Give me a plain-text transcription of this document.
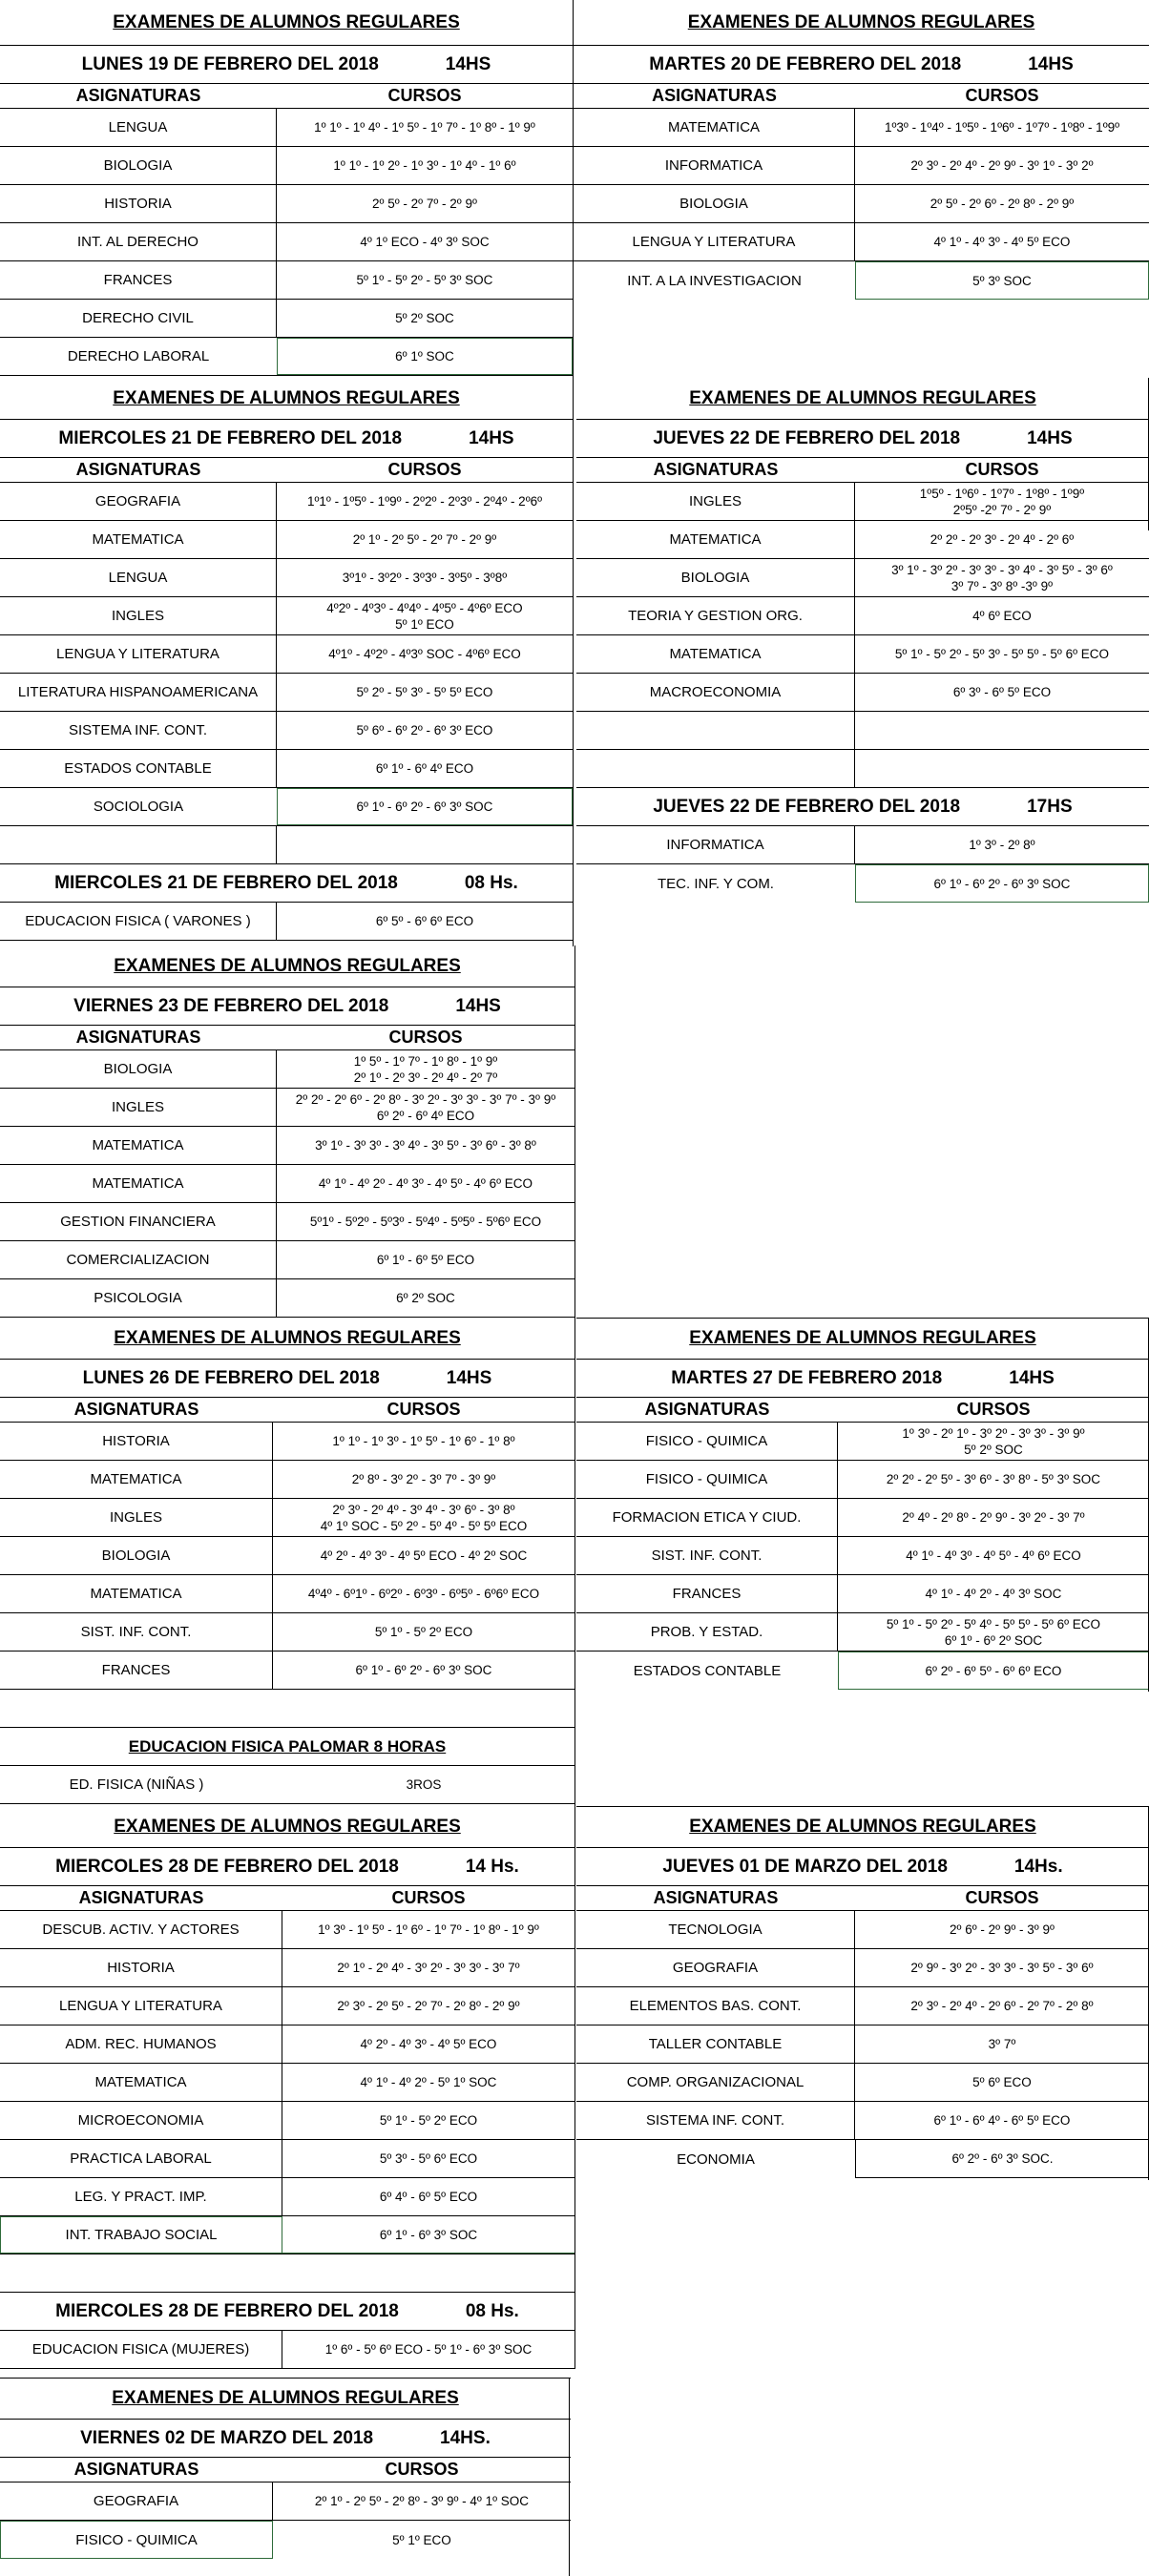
EXAMENES DE ALUMNOS REGULARES
LUNES 19 DE FEBRERO DEL 2018	14HS
ASIGNATURAS	CURSOS
LENGUA	1º 1º - 1º 4º - 1º 5º - 1º 7º - 1º 8º - 1º 9º
BIOLOGIA	1º 1º - 1º 2º - 1º 3º - 1º 4º - 1º 6º
HISTORIA	2º 5º - 2º 7º - 2º 9º
INT. AL DERECHO	4º 1º ECO - 4º 3º SOC
FRANCES	5º 1º - 5º 2º - 5º 3º SOC
DERECHO CIVIL	5º 2º SOC
DERECHO LABORAL	6º 1º SOC
EXAMENES DE ALUMNOS REGULARES
MARTES 20 DE FEBRERO DEL 2018	14HS
ASIGNATURAS	CURSOS
MATEMATICA	1º3º - 1º4º - 1º5º - 1º6º - 1º7º - 1º8º - 1º9º
INFORMATICA	2º 3º - 2º 4º - 2º 9º - 3º 1º - 3º 2º
BIOLOGIA	2º 5º - 2º 6º - 2º 8º - 2º 9º
LENGUA Y LITERATURA	4º 1º - 4º 3º - 4º 5º ECO
INT. A LA INVESTIGACION	5º 3º SOC
EXAMENES DE ALUMNOS REGULARES
MIERCOLES 21 DE FEBRERO DEL 2018	14HS
ASIGNATURAS	CURSOS
GEOGRAFIA	1º1º - 1º5º - 1º9º - 2º2º - 2º3º - 2º4º - 2º6º
MATEMATICA	2º 1º - 2º 5º - 2º 7º - 2º 9º
LENGUA	3º1º - 3º2º - 3º3º - 3º5º - 3º8º
INGLES	4º2º - 4º3º - 4º4º - 4º5º - 4º6º ECO
5º 1º ECO
LENGUA Y LITERATURA	4º1º - 4º2º - 4º3º SOC - 4º6º ECO
LITERATURA HISPANOAMERICANA	5º 2º - 5º 3º - 5º 5º ECO
SISTEMA INF. CONT.	5º 6º - 6º 2º - 6º 3º ECO
ESTADOS CONTABLE	6º 1º - 6º 4º ECO
SOCIOLOGIA	6º 1º - 6º 2º - 6º 3º SOC
MIERCOLES 21 DE FEBRERO DEL 2018	08 Hs.
EDUCACION FISICA ( VARONES )	6º 5º - 6º 6º ECO
EXAMENES DE ALUMNOS REGULARES
JUEVES 22 DE FEBRERO DEL 2018	14HS
ASIGNATURAS	CURSOS
INGLES	1º5º - 1º6º - 1º7º - 1º8º - 1º9º
2º5º -2º 7º - 2º 9º
MATEMATICA	2º 2º - 2º 3º - 2º 4º - 2º 6º
BIOLOGIA	3º 1º - 3º 2º - 3º 3º - 3º 4º - 3º 5º - 3º 6º
3º 7º - 3º 8º -3º 9º
TEORIA Y GESTION ORG.	4º 6º ECO
MATEMATICA	5º 1º - 5º 2º - 5º 3º - 5º 5º - 5º 6º ECO
MACROECONOMIA	6º 3º - 6º 5º ECO
JUEVES 22 DE FEBRERO DEL 2018	17HS
INFORMATICA	1º 3º - 2º 8º
TEC. INF. Y COM.	6º 1º - 6º 2º - 6º 3º SOC
EXAMENES DE ALUMNOS REGULARES
VIERNES 23 DE FEBRERO DEL 2018	14HS
ASIGNATURAS	CURSOS
BIOLOGIA	1º 5º - 1º 7º - 1º 8º - 1º 9º
2º 1º - 2º 3º - 2º 4º - 2º 7º
INGLES	2º 2º - 2º 6º - 2º 8º - 3º 2º - 3º 3º - 3º 7º - 3º 9º
6º 2º - 6º 4º ECO
MATEMATICA	3º 1º - 3º 3º - 3º 4º - 3º 5º - 3º 6º - 3º 8º
MATEMATICA	4º 1º - 4º 2º - 4º 3º - 4º 5º - 4º 6º ECO
GESTION FINANCIERA	5º1º - 5º2º - 5º3º - 5º4º - 5º5º - 5º6º ECO
COMERCIALIZACION	6º 1º - 6º 5º ECO
PSICOLOGIA	6º 2º SOC
EXAMENES DE ALUMNOS REGULARES
LUNES 26 DE FEBRERO DEL 2018	14HS
ASIGNATURAS	CURSOS
HISTORIA	1º 1º - 1º 3º - 1º 5º - 1º 6º - 1º 8º
MATEMATICA	2º 8º - 3º 2º - 3º 7º - 3º 9º
INGLES	2º 3º - 2º 4º - 3º 4º - 3º 6º - 3º 8º
4º 1º SOC - 5º 2º - 5º 4º - 5º 5º ECO
BIOLOGIA	4º 2º - 4º 3º - 4º 5º ECO - 4º 2º SOC
MATEMATICA	4º4º - 6º1º - 6º2º - 6º3º - 6º5º - 6º6º ECO
SIST. INF. CONT.	5º 1º - 5º 2º ECO
FRANCES	6º 1º - 6º 2º - 6º 3º SOC
EDUCACION FISICA PALOMAR 8 HORAS
ED. FISICA (NIÑAS )	3ROS
EXAMENES DE ALUMNOS REGULARES
MARTES 27 DE FEBRERO 2018	14HS
ASIGNATURAS	CURSOS
FISICO - QUIMICA	1º 3º - 2º 1º - 3º 2º - 3º 3º - 3º 9º
5º 2º SOC
FISICO - QUIMICA	2º 2º - 2º 5º - 3º 6º - 3º 8º - 5º 3º SOC
FORMACION ETICA Y CIUD.	2º 4º - 2º 8º - 2º 9º - 3º 2º - 3º 7º
SIST. INF. CONT.	4º 1º - 4º 3º - 4º 5º - 4º 6º ECO
FRANCES	4º 1º - 4º 2º - 4º 3º SOC
PROB. Y ESTAD.	5º 1º - 5º 2º - 5º 4º - 5º 5º - 5º 6º ECO
6º 1º - 6º 2º SOC
ESTADOS CONTABLE	6º 2º - 6º 5º - 6º 6º ECO
EXAMENES DE ALUMNOS REGULARES
MIERCOLES 28 DE FEBRERO DEL 2018	14 Hs.
ASIGNATURAS	CURSOS
DESCUB. ACTIV. Y ACTORES	1º 3º - 1º 5º - 1º 6º - 1º 7º - 1º 8º - 1º 9º
HISTORIA	2º 1º - 2º 4º - 3º 2º - 3º 3º - 3º 7º
LENGUA Y LITERATURA	2º 3º - 2º 5º - 2º 7º - 2º 8º - 2º 9º
ADM. REC. HUMANOS	4º 2º - 4º 3º - 4º 5º ECO
MATEMATICA	4º 1º - 4º 2º - 5º 1º SOC
MICROECONOMIA	5º 1º - 5º 2º ECO
PRACTICA LABORAL	5º 3º - 5º 6º ECO
LEG. Y PRACT. IMP.	6º 4º - 6º 5º ECO
INT. TRABAJO SOCIAL	6º 1º - 6º 3º SOC
MIERCOLES 28 DE FEBRERO DEL 2018	08 Hs.
EDUCACION FISICA (MUJERES)	1º 6º - 5º 6º ECO - 5º 1º - 6º 3º SOC
EXAMENES DE ALUMNOS REGULARES
JUEVES 01 DE MARZO DEL 2018	14Hs.
ASIGNATURAS	CURSOS
TECNOLOGIA	2º 6º - 2º 9º - 3º 9º
GEOGRAFIA	2º 9º - 3º 2º - 3º 3º - 3º 5º - 3º 6º
ELEMENTOS BAS. CONT.	2º 3º - 2º 4º - 2º 6º - 2º 7º - 2º 8º
TALLER CONTABLE	3º 7º
COMP. ORGANIZACIONAL	5º 6º ECO
SISTEMA INF. CONT.	6º 1º - 6º 4º - 6º 5º ECO
ECONOMIA	6º 2º - 6º 3º SOC.
EXAMENES DE ALUMNOS REGULARES
VIERNES 02 DE MARZO DEL 2018	14HS.
ASIGNATURAS	CURSOS
GEOGRAFIA	2º 1º - 2º 5º - 2º 8º - 3º 9º - 4º 1º SOC
FISICO - QUIMICA	5º 1º ECO
